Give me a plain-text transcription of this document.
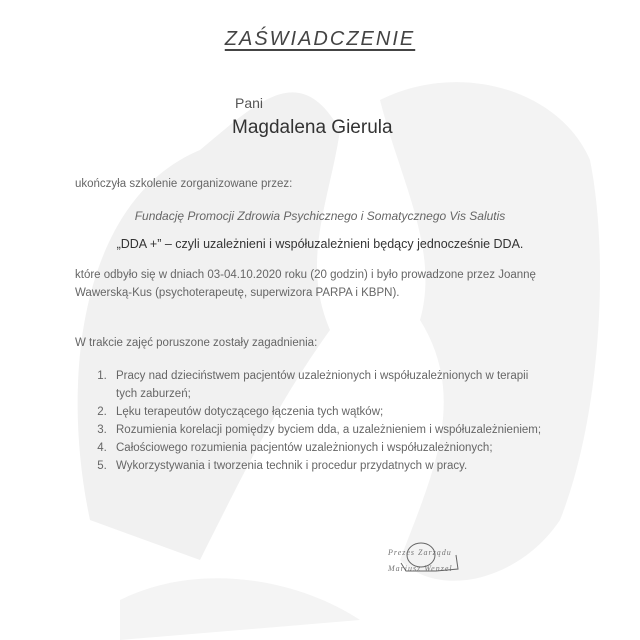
ZAŚWIADCZENIE
Pani
Magdalena Gierula
ukończyła szkolenie zorganizowane przez:
Fundację Promocji Zdrowia Psychicznego i Somatycznego Vis Salutis
„DDA +” – czyli uzależnieni i współuzależnieni będący jednocześnie DDA.
które odbyło się w dniach 03-04.10.2020 roku (20 godzin) i było prowadzone przez Joannę
Wawerską-Kus (psychoterapeutę, superwizora PARPA i KBPN).
W trakcie zajęć poruszone zostały zagadnienia:
1. Pracy nad dzieciństwem pacjentów uzależnionych i współuzależnionych w terapii tych zaburzeń;
2. Lęku terapeutów dotyczącego łączenia tych wątków;
3. Rozumienia korelacji pomiędzy byciem dda, a uzależnieniem i współuzależnieniem;
4. Całościowego rozumienia pacjentów uzależnionych i współuzależnionych;
5. Wykorzystywania i tworzenia technik i procedur przydatnych w pracy.
Prezes Zarządu
Mariusz Wenzel
